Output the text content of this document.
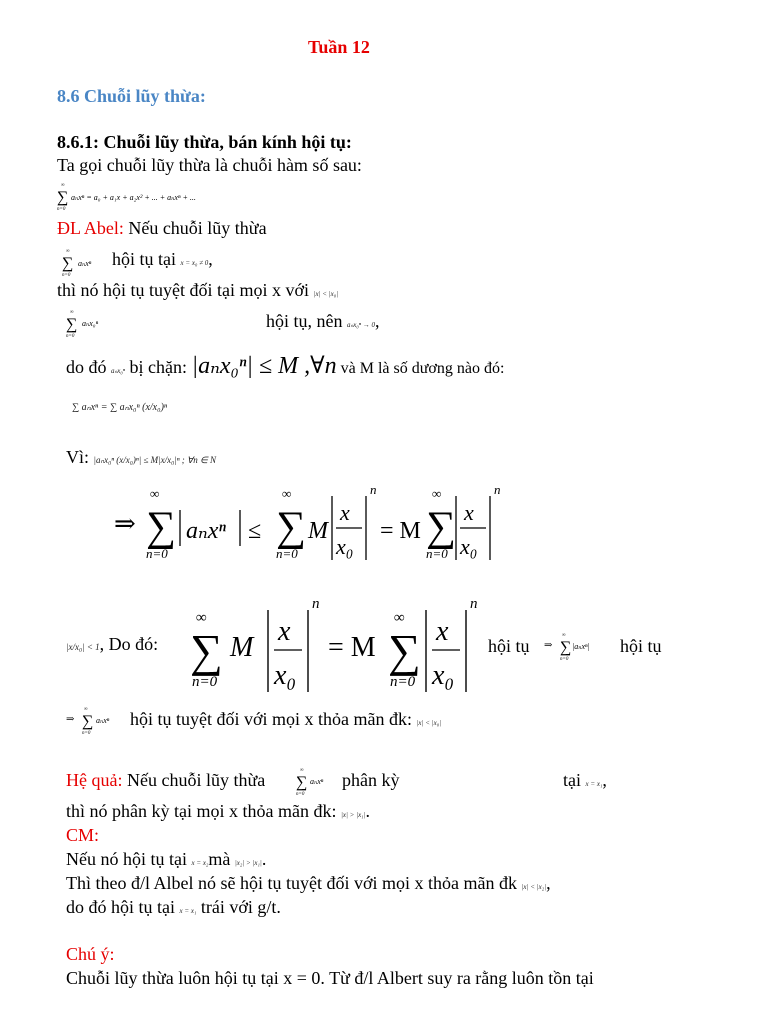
Tuần 12
8.6 Chuỗi lũy thừa:
8.6.1: Chuỗi lũy thừa, bán kính hội tụ:
Ta gọi chuỗi lũy thừa là chuỗi hàm số sau:
∞
∑
n=0
aₙxⁿ = a₀ + a₁x + a₂x² + ... + aₙxⁿ + ...
ĐL Abel: Nếu chuỗi lũy thừa
∞
∑
n=0
aₙxⁿ hội tụ tại x = x₀ ≠ 0,
thì nó hội tụ tuyệt đối tại mọi x với |x| < |x₀|
∞
∑
n=0
aₙx₀ⁿ	hội tụ, nên aₙx₀ⁿ → 0,
do đó aₙx₀ⁿ bị chặn: |aₙx₀ⁿ| ≤ M ,∀n và M là số dương nào đó:
∑ aₙxⁿ = ∑ aₙx₀ⁿ (x/x₀)ⁿ
Vì: |aₙx₀ⁿ (x/x₀)ⁿ| ≤ M|x/x₀|ⁿ ; ∀n ∈ N
⇒
∞
∑
n=0
aₙxⁿ ≤
∞
∑
n=0
M
x
x₀
n
= M
∞
∑
n=0
x
x₀
n
|x/x₀| < 1, Do đó:
∞
∑
n=0
M
x
x₀
n
= M
∞
∑
n=0
x
x₀
n
hội tụ ⇒
∞
∑
n=0
|aₙxⁿ| hội tụ
⇒
∞
∑
n=0
aₙxⁿ hội tụ tuyệt đối với mọi x thỏa mãn đk: |x| < |x₀|
Hệ quả: Nếu chuỗi lũy thừa	∞
∑
n=0
aₙxⁿ phân kỳ	tại x = x₁,
thì nó phân kỳ tại mọi x thỏa mãn đk: |x| > |x₁|.
CM:
Nếu nó hội tụ tại x = x₂mà |x₂| > |x₁|.
Thì theo đ/l Albel nó sẽ hội tụ tuyệt đối với mọi x thỏa mãn đk |x| < |x₂|,
do đó hội tụ tại x = x₁ trái với g/t.
Chú ý:
Chuỗi lũy thừa luôn hội tụ tại x = 0. Từ đ/l Albert suy ra rằng luôn tồn tại
